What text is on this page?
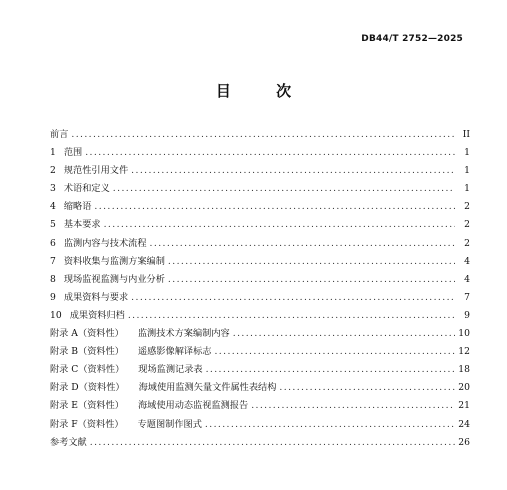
DB44/T 2752—2025
目 次
前言 .....	II
1 范围 .....	1
2 规范性引用文件 .....	1
3 术语和定义 .....	1
4 缩略语 .....	2
5 基本要求 .....	2
6 监测内容与技术流程 .....	2
7 资料收集与监测方案编制 .....	4
8 现场监视监测与内业分析 .....	4
9 成果资料与要求 .....	7
10 成果资料归档 .....	9
附录 A（资料性） 监测技术方案编制内容 .....	10
附录 B（资料性） 遥感影像解译标志 .....	12
附录 C（资料性） 现场监测记录表 .....	18
附录 D（资料性） 海域使用监测矢量文件属性表结构 .....	20
附录 E（资料性） 海域使用动态监视监测报告 .....	21
附录 F（资料性） 专题图制作图式 .....	24
参考文献 .....	26
